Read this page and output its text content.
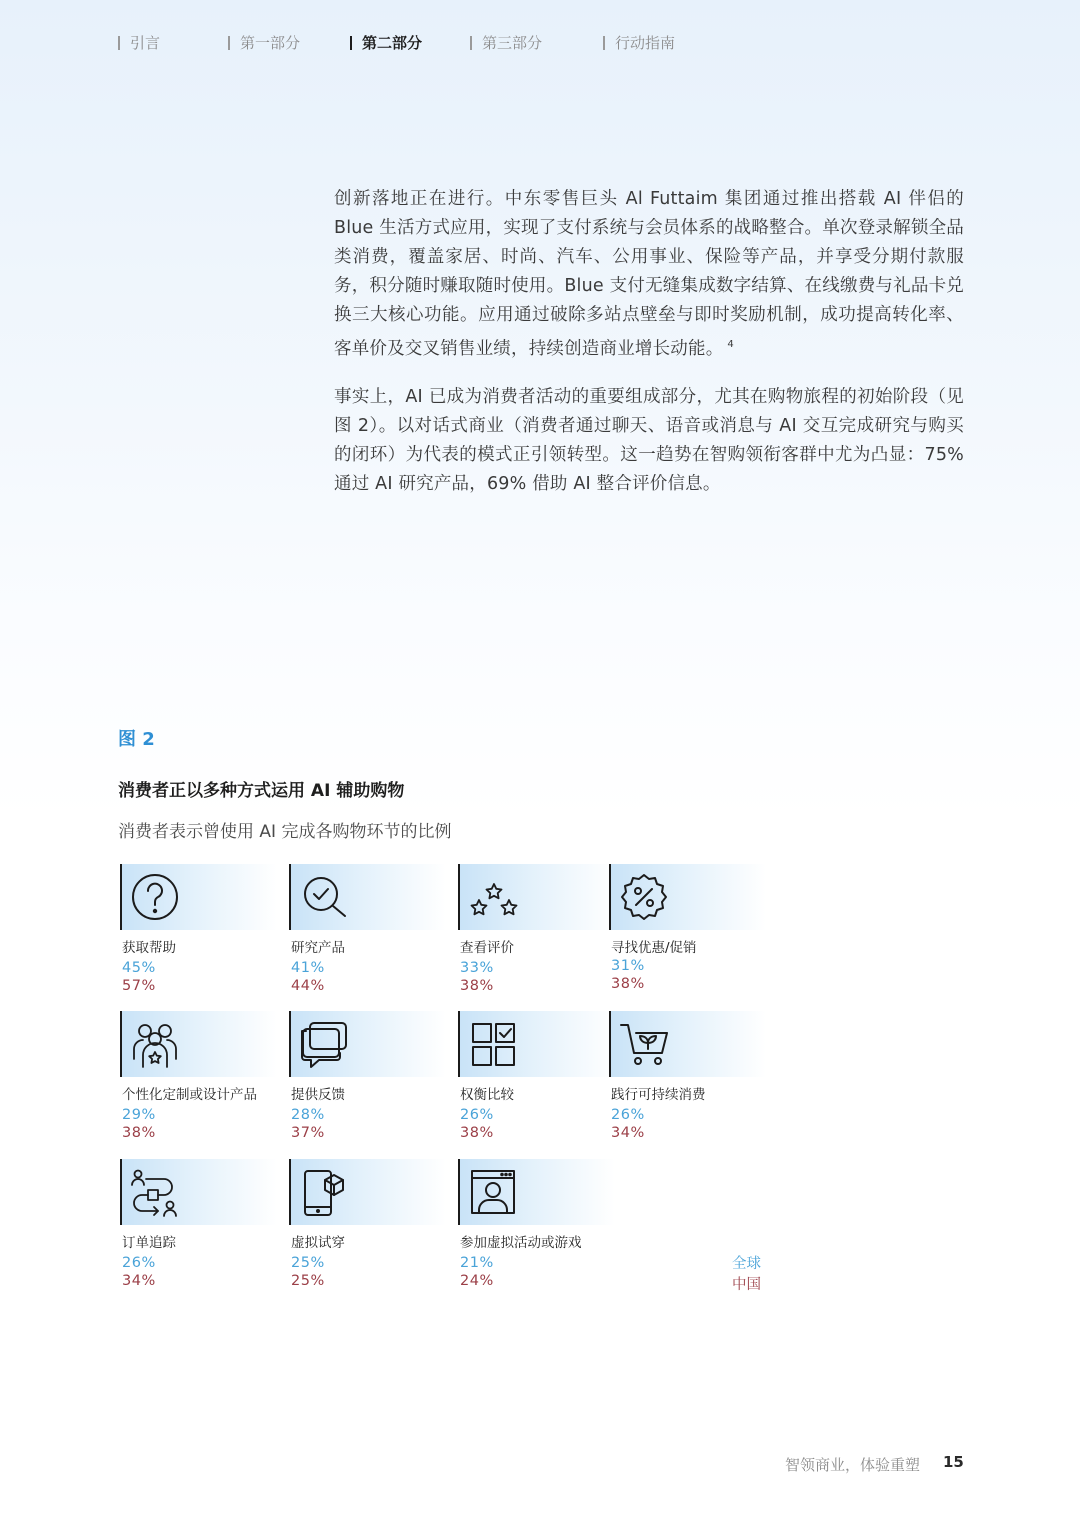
引言	第一部分	第二部分	第三部分	行动指南

创新落地正在进行。中东零售巨头 Al Futtaim 集团通过推出搭载 AI 伴侣的 Blue 生活方式应用，实现了支付系统与会员体系的战略整合。单次登录解锁全品类消费，覆盖家居、时尚、汽车、公用事业、保险等产品，并享受分期付款服务，积分随时赚取随时使用。Blue 支付无缝集成数字结算、在线缴费与礼品卡兑换三大核心功能。应用通过破除多站点壁垒与即时奖励机制，成功提高转化率、客单价及交叉销售业绩，持续创造商业增长动能。 $^4$

事实上，AI 已成为消费者活动的重要组成部分，尤其在购物旅程的初始阶段（见图 2）。以对话式商业（消费者通过聊天、语音或消息与 AI 交互完成研究与购买的闭环）为代表的模式正引领转型。这一趋势在智购领衔客群中尤为凸显：75% 通过 AI 研究产品，69% 借助 AI 整合评价信息。

图 2
消费者正以多种方式运用 AI 辅助购物
消费者表示曾使用 AI 完成各购物环节的比例
获取帮助
45%
57%
研究产品
41%
44%
查看评价
33%
38%
寻找优惠/促销
31%
38%
个性化定制或设计产品
29%
38%
提供反馈
28%
37%
权衡比较
26%
38%
践行可持续消费
26%
34%
订单追踪
26%
34%
虚拟试穿
25%
25%
参加虚拟活动或游戏
21%
24%
全球
中国
智领商业，体验重塑 15
